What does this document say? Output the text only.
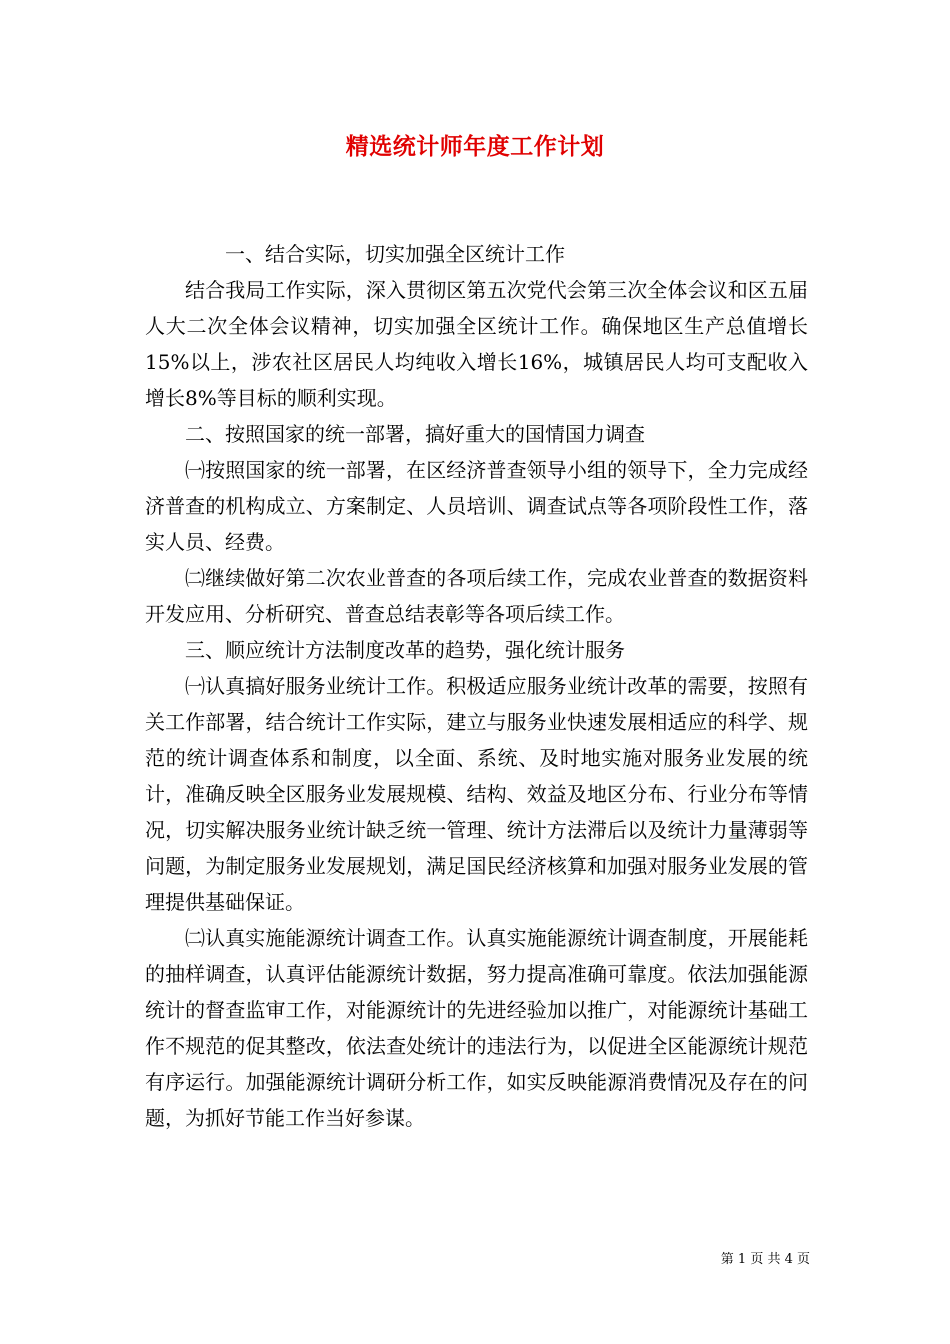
精选统计师年度工作计划

一、结合实际，切实加强全区统计工作

结合我局工作实际，深入贯彻区第五次党代会第三次全体会议和区五届人大二次全体会议精神，切实加强全区统计工作。确保地区生产总值增长15%以上，涉农社区居民人均纯收入增长16%，城镇居民人均可支配收入增长8%等目标的顺利实现。

二、按照国家的统一部署，搞好重大的国情国力调查

㈠按照国家的统一部署，在区经济普查领导小组的领导下，全力完成经济普查的机构成立、方案制定、人员培训、调查试点等各项阶段性工作，落实人员、经费。

㈡继续做好第二次农业普查的各项后续工作，完成农业普查的数据资料开发应用、分析研究、普查总结表彰等各项后续工作。

三、顺应统计方法制度改革的趋势，强化统计服务

㈠认真搞好服务业统计工作。积极适应服务业统计改革的需要，按照有关工作部署，结合统计工作实际，建立与服务业快速发展相适应的科学、规范的统计调查体系和制度，以全面、系统、及时地实施对服务业发展的统计，准确反映全区服务业发展规模、结构、效益及地区分布、行业分布等情况，切实解决服务业统计缺乏统一管理、统计方法滞后以及统计力量薄弱等问题，为制定服务业发展规划，满足国民经济核算和加强对服务业发展的管理提供基础保证。

㈡认真实施能源统计调查工作。认真实施能源统计调查制度，开展能耗的抽样调查，认真评估能源统计数据，努力提高准确可靠度。依法加强能源统计的督查监审工作，对能源统计的先进经验加以推广，对能源统计基础工作不规范的促其整改，依法查处统计的违法行为，以促进全区能源统计规范有序运行。加强能源统计调研分析工作，如实反映能源消费情况及存在的问题，为抓好节能工作当好参谋。

第 1 页 共 4 页
